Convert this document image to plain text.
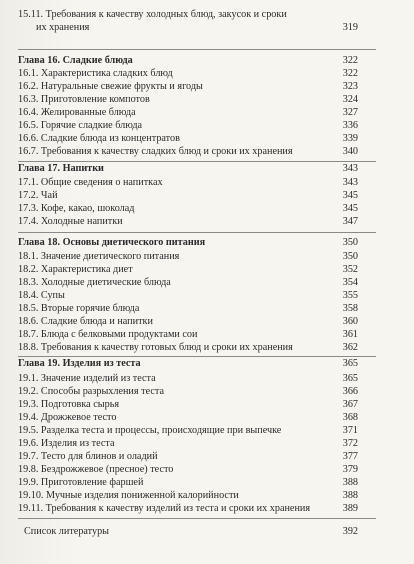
15.11. Требования к качеству холодных блюд, закусок и сроки
их хранения	319
Глава 16. Сладкие блюда	322
16.1. Характеристика сладких блюд	322
16.2. Натуральные свежие фрукты и ягоды	323
16.3. Приготовление компотов	324
16.4. Желированные блюда	327
16.5. Горячие сладкие блюда	336
16.6. Сладкие блюда из концентратов	339
16.7. Требования к качеству сладких блюд и сроки их хранения	340
Глава 17. Напитки	343
17.1. Общие сведения о напитках	343
17.2. Чай	345
17.3. Кофе, какао, шоколад	345
17.4. Холодные напитки	347
Глава 18. Основы диетического питания	350
18.1. Значение диетического питания	350
18.2. Характеристика диет	352
18.3. Холодные диетические блюда	354
18.4. Супы	355
18.5. Вторые горячие блюда	358
18.6. Сладкие блюда и напитки	360
18.7. Блюда с белковыми продуктами сои	361
18.8. Требования к качеству готовых блюд и сроки их хранения	362
Глава 19. Изделия из теста	365
19.1. Значение изделий из теста	365
19.2. Способы разрыхления теста	366
19.3. Подготовка сырья	367
19.4. Дрожжевое тесто	368
19.5. Разделка теста и процессы, происходящие при выпечке	371
19.6. Изделия из теста	372
19.7. Тесто для блинов и оладий	377
19.8. Бездрожжевое (пресное) тесто	379
19.9. Приготовление фаршей	388
19.10. Мучные изделия пониженной калорийности	388
19.11. Требования к качеству изделий из теста и сроки их хранения	389
Список литературы	392
